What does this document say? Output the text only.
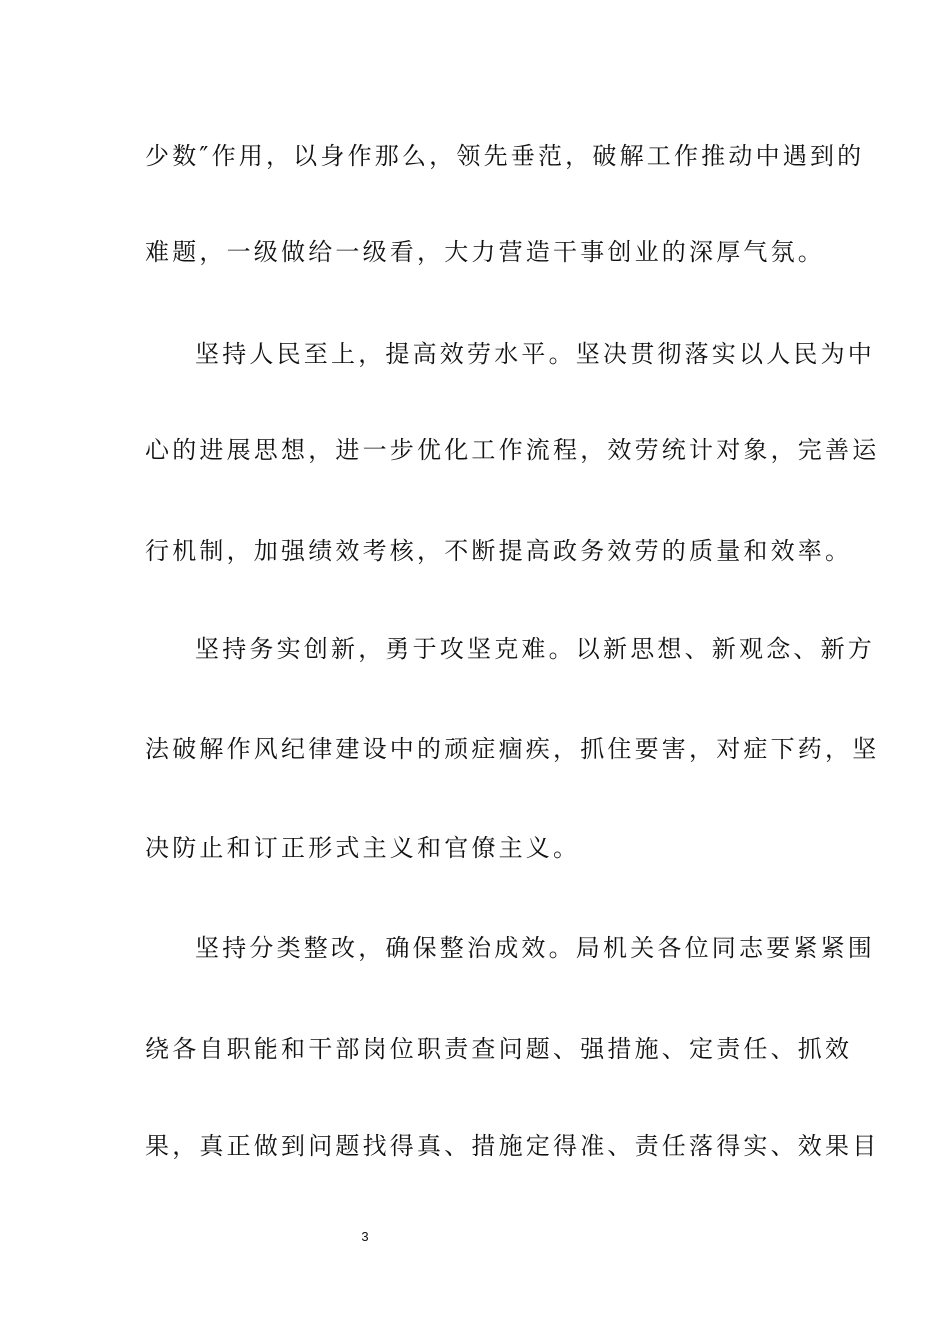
少数″作用，以身作那么，领先垂范，破解工作推动中遇到的

难题，一级做给一级看，大力营造干事创业的深厚气氛。

坚持人民至上，提高效劳水平。坚决贯彻落实以人民为中

心的进展思想，进一步优化工作流程，效劳统计对象，完善运

行机制，加强绩效考核，不断提高政务效劳的质量和效率。

坚持务实创新，勇于攻坚克难。以新思想、新观念、新方

法破解作风纪律建设中的顽症痼疾，抓住要害，对症下药，坚

决防止和订正形式主义和官僚主义。

坚持分类整改，确保整治成效。局机关各位同志要紧紧围

绕各自职能和干部岗位职责查问题、强措施、定责任、抓效

果，真正做到问题找得真、措施定得准、责任落得实、效果目

3
